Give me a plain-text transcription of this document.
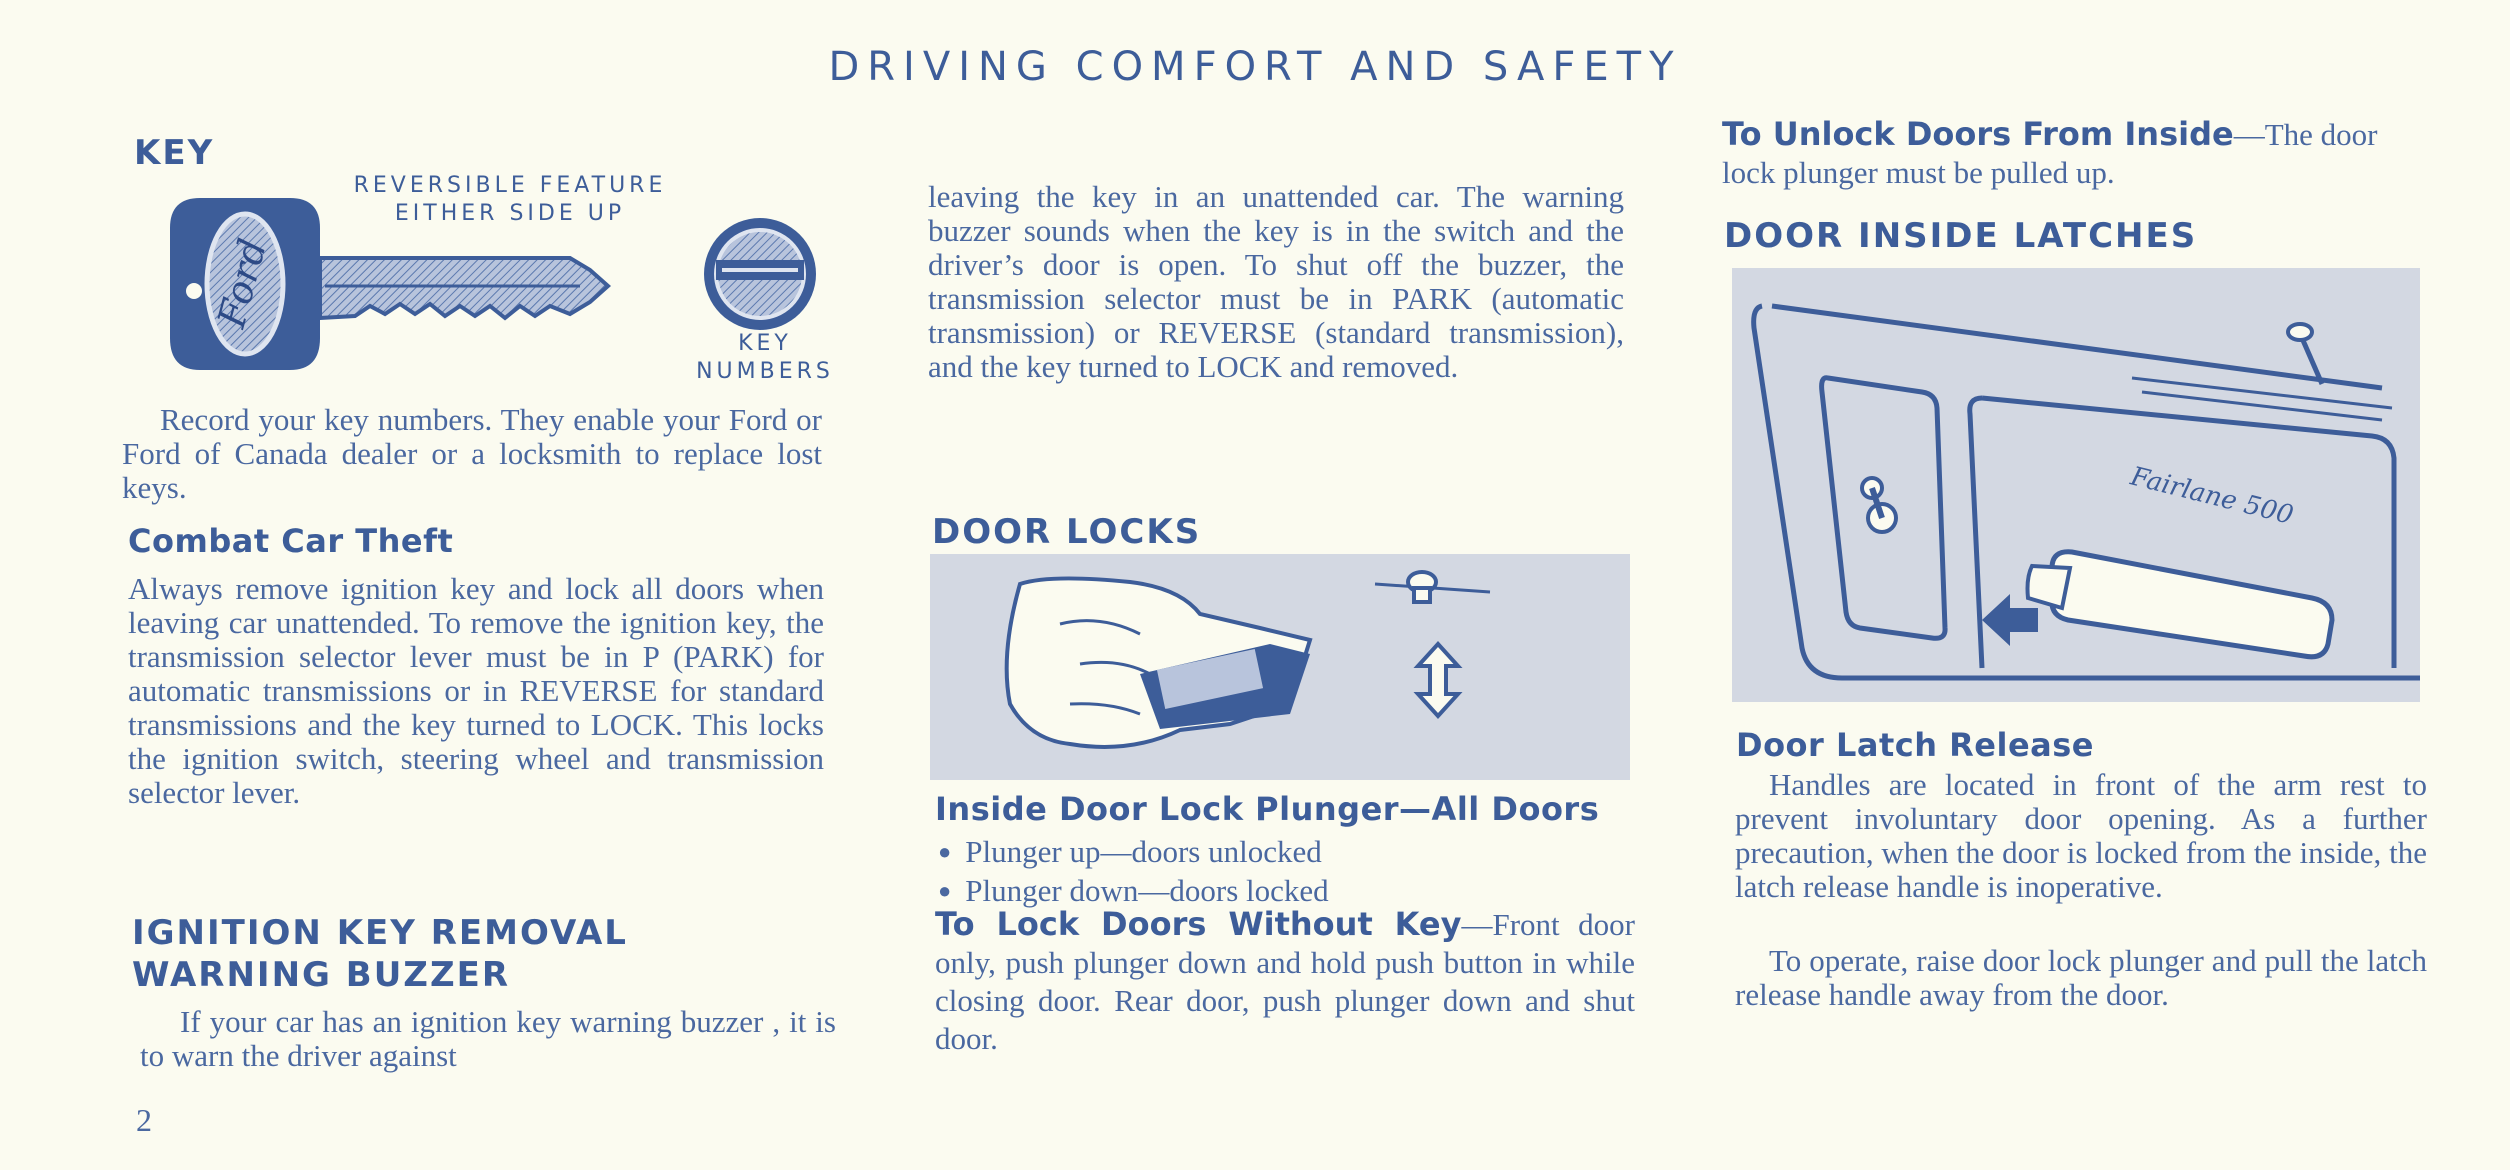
DRIVING COMFORT AND SAFETY
KEY
REVERSIBLE FEATURE
EITHER SIDE UP
Ford
KEY
NUMBERS

Record your key numbers. They enable your Ford or Ford of Canada dealer or a locksmith to replace lost keys.

Combat Car Theft

Always remove ignition key and lock all doors when leaving car unattended. To remove the ignition key, the transmission selector lever must be in P (PARK) for automatic transmissions or in REVERSE for standard transmissions and the key turned to LOCK. This locks the ignition switch, steering wheel and transmission selector lever.

IGNITION KEY REMOVAL
WARNING BUZZER

If your car has an ignition key warning buzzer , it is to warn the driver against

2

leaving the key in an unattended car. The warning buzzer sounds when the key is in the switch and the driver’s door is open. To shut off the buzzer, the transmission selector must be in PARK (automatic transmission) or REVERSE (standard transmission), and the key turned to LOCK and removed.

DOOR LOCKS
Inside Door Lock Plunger—All Doors
● Plunger up—doors unlocked
● Plunger down—doors locked

To Lock Doors Without Key—Front door only, push plunger down and hold push button in while closing door. Rear door, push plunger down and shut door.

To Unlock Doors From Inside—The door lock plunger must be pulled up.

DOOR INSIDE LATCHES
Fairlane 500
Door Latch Release

Handles are located in front of the arm rest to prevent involuntary door opening. As a further precaution, when the door is locked from the inside, the latch release handle is inoperative.

To operate, raise door lock plunger and pull the latch release handle away from the door.
